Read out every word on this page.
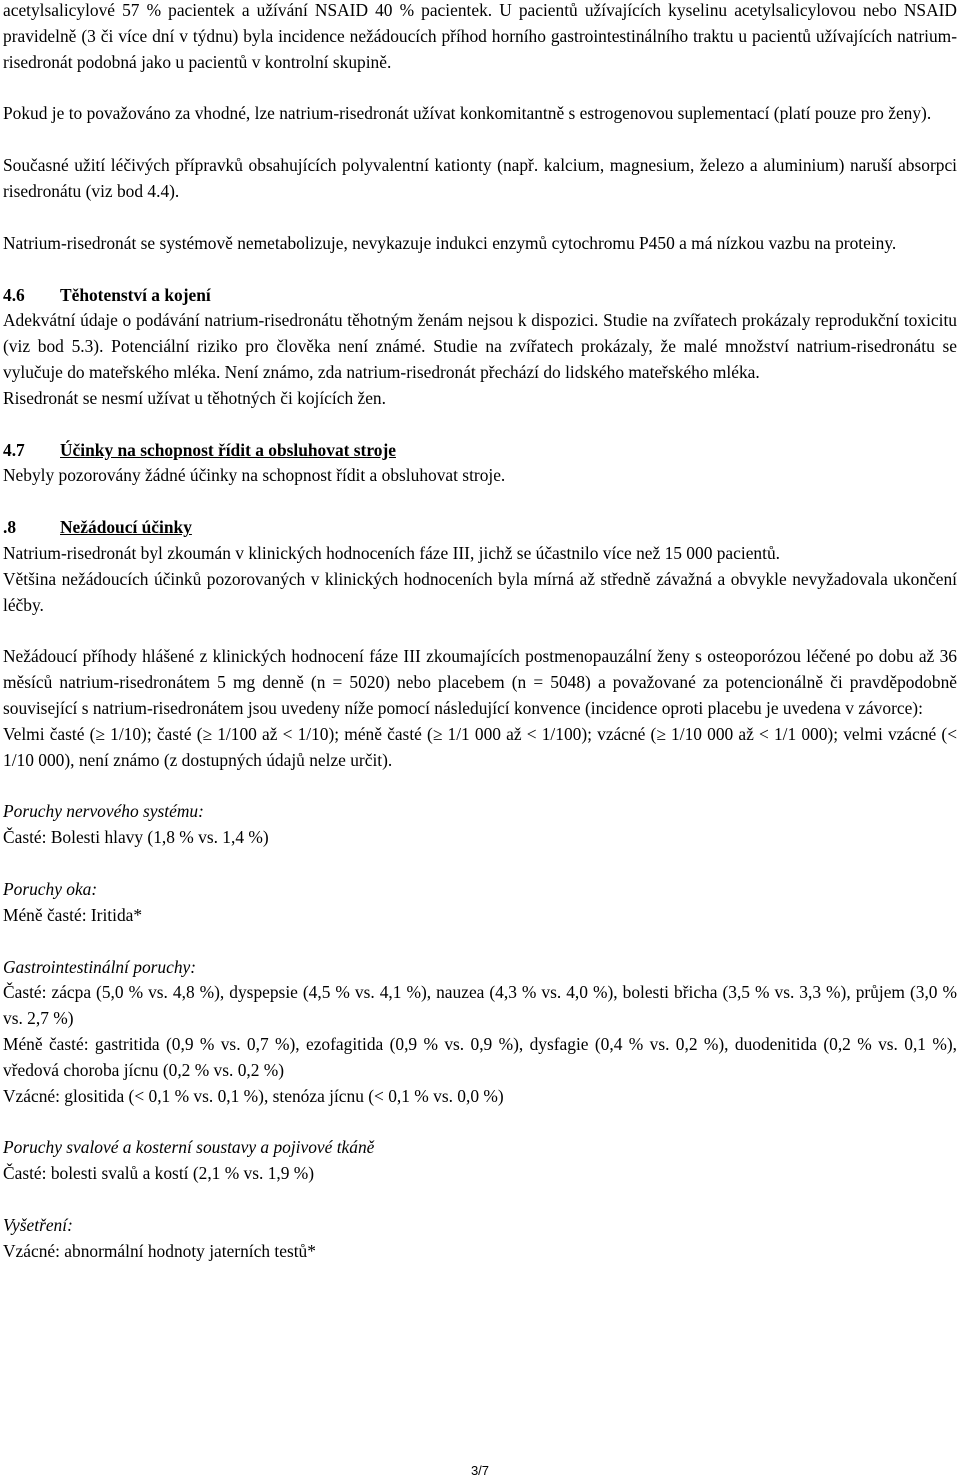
acetylsalicylové 57 % pacientek a užívání NSAID 40 % pacientek. U pacientů užívajících kyselinu acetylsalicylovou nebo NSAID pravidelně (3 či více dní v týdnu) byla incidence nežádoucích příhod horního gastrointestinálního traktu u pacientů užívajících natrium-risedronát podobná jako u pacientů v kontrolní skupině.

Pokud je to považováno za vhodné, lze natrium-risedronát užívat konkomitantně s estrogenovou suplementací (platí pouze pro ženy).

Současné užití léčivých přípravků obsahujících polyvalentní kationty (např. kalcium, magnesium, železo a aluminium) naruší absorpci risedronátu (viz bod 4.4).

Natrium-risedronát se systémově nemetabolizuje, nevykazuje indukci enzymů cytochromu P450 a má nízkou vazbu na proteiny.

4.6 Těhotenství a kojení

Adekvátní údaje o podávání natrium-risedronátu těhotným ženám nejsou k dispozici. Studie na zvířatech prokázaly reprodukční toxicitu (viz bod 5.3). Potenciální riziko pro člověka není známé. Studie na zvířatech prokázaly, že malé množství natrium-risedronátu se vylučuje do mateřského mléka. Není známo, zda natrium-risedronát přechází do lidského mateřského mléka.

Risedronát se nesmí užívat u těhotných či kojících žen.

4.7 Účinky na schopnost řídit a obsluhovat stroje

Nebyly pozorovány žádné účinky na schopnost řídit a obsluhovat stroje.

.8	Nežádoucí účinky

Natrium-risedronát byl zkoumán v klinických hodnoceních fáze III, jichž se účastnilo více než 15 000 pacientů.

Většina nežádoucích účinků pozorovaných v klinických hodnoceních byla mírná až středně závažná a obvykle nevyžadovala ukončení léčby.

Nežádoucí příhody hlášené z klinických hodnocení fáze III zkoumajících postmenopauzální ženy s osteoporózou léčené po dobu až 36 měsíců natrium-risedronátem 5 mg denně (n = 5020) nebo placebem (n = 5048) a považované za potencionálně či pravděpodobně související s natrium-risedronátem jsou uvedeny níže pomocí následující konvence (incidence oproti placebu je uvedena v závorce):

Velmi časté (≥ 1/10); časté (≥ 1/100 až < 1/10); méně časté (≥ 1/1 000 až < 1/100); vzácné (≥ 1/10 000 až < 1/1 000); velmi vzácné (< 1/10 000), není známo (z dostupných údajů nelze určit).

Poruchy nervového systému:

Časté: Bolesti hlavy (1,8 % vs. 1,4 %)

Poruchy oka:

Méně časté: Iritida*

Gastrointestinální poruchy:

Časté: zácpa (5,0 % vs. 4,8 %), dyspepsie (4,5 % vs. 4,1 %), nauzea (4,3 % vs. 4,0 %), bolesti břicha (3,5 % vs. 3,3 %), průjem (3,0 % vs. 2,7 %)

Méně časté: gastritida (0,9 % vs. 0,7 %), ezofagitida (0,9 % vs. 0,9 %), dysfagie (0,4 % vs. 0,2 %), duodenitida (0,2 % vs. 0,1 %), vředová choroba jícnu (0,2 % vs. 0,2 %)

Vzácné: glositida (< 0,1 % vs. 0,1 %), stenóza jícnu (< 0,1 % vs. 0,0 %)

Poruchy svalové a kosterní soustavy a pojivové tkáně

Časté: bolesti svalů a kostí (2,1 % vs. 1,9 %)

Vyšetření:

Vzácné: abnormální hodnoty jaterních testů*

3/7
